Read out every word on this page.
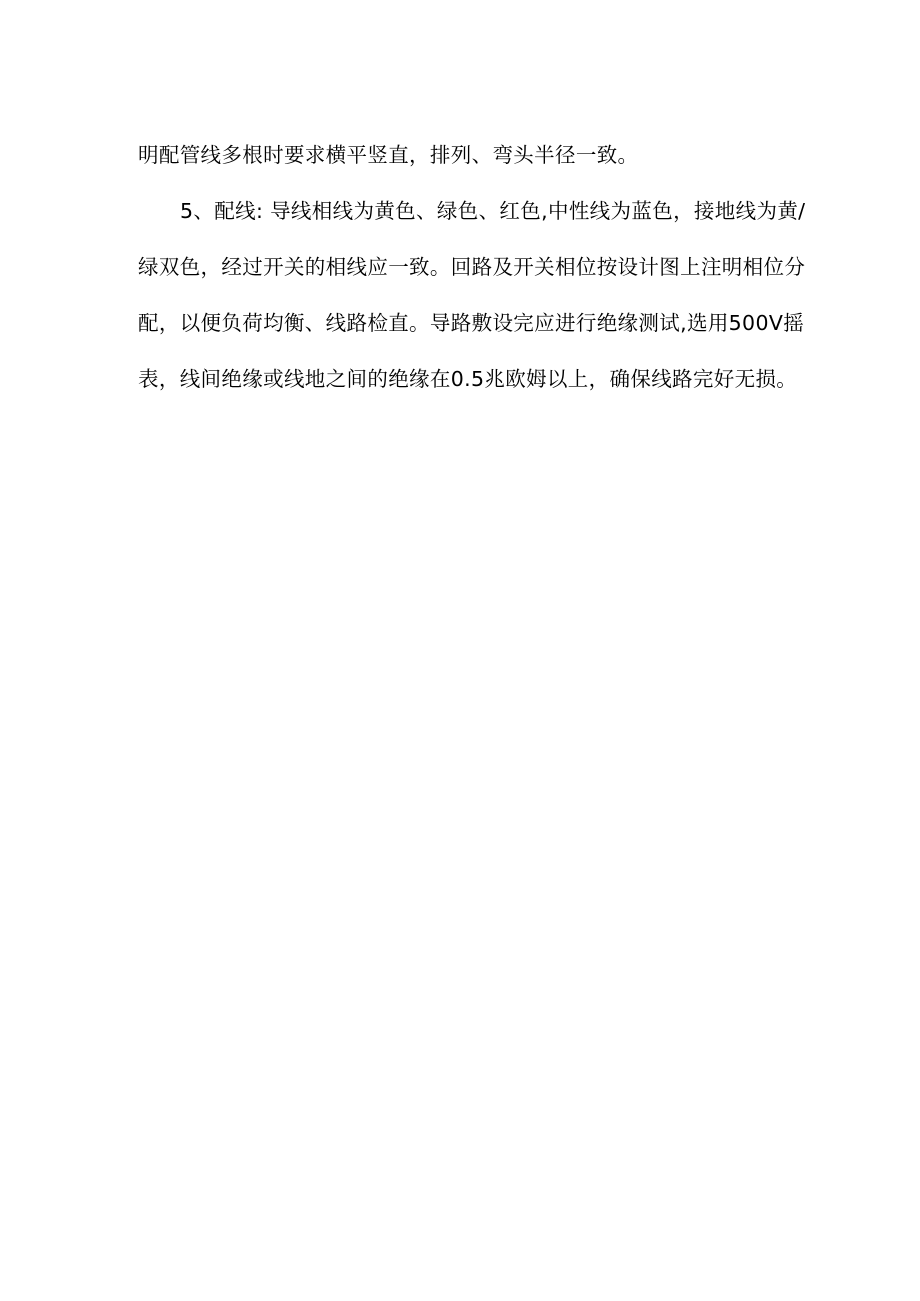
明配管线多根时要求横平竖直，排列、弯头半径一致。
5、配线: 导线相线为黄色、绿色、红色,中性线为蓝色，接地线为黄/
绿双色，经过开关的相线应一致。回路及开关相位按设计图上注明相位分
配，以便负荷均衡、线路检直。导路敷设完应进行绝缘测试,选用500V摇
表，线间绝缘或线地之间的绝缘在0.5兆欧姆以上，确保线路完好无损。
